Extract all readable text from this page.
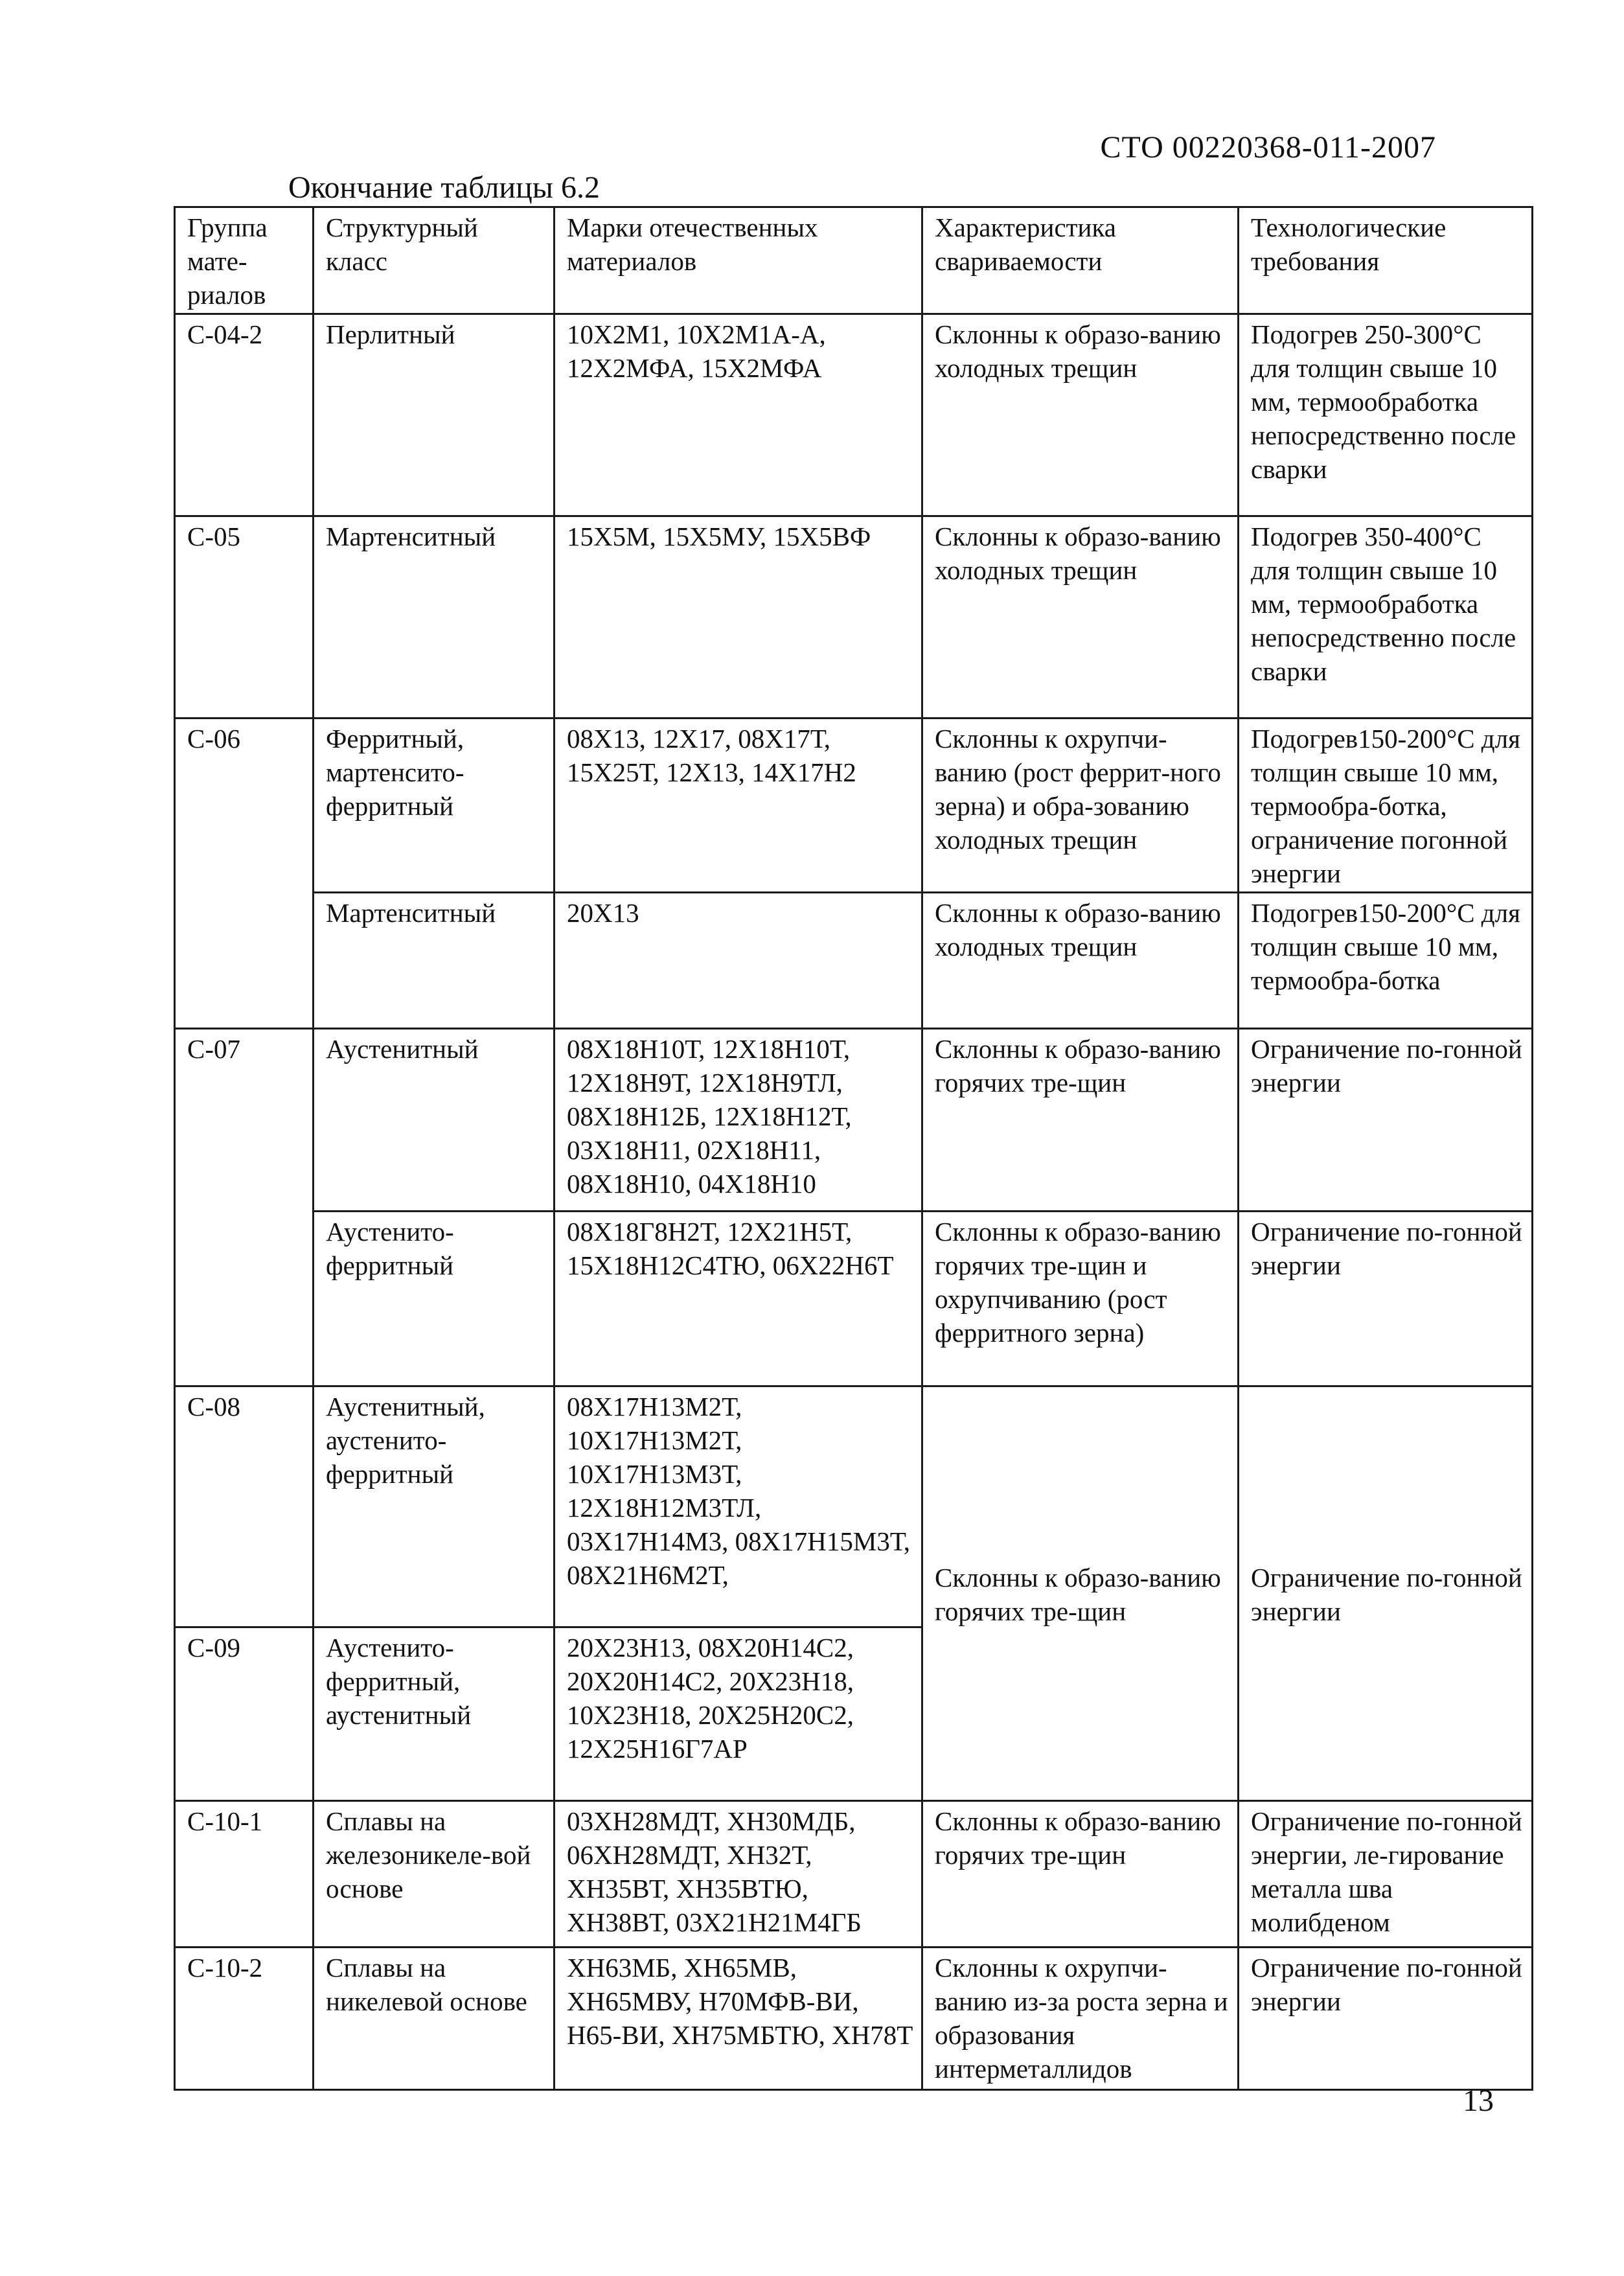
СТО 00220368-011-2007
Окончание таблицы 6.2
Группа мате-риалов	Структурный класс	Марки отечественных материалов	Характеристика свариваемости	Технологические требования
С-04-2	Перлитный	10Х2М1, 10Х2М1А-А, 12Х2МФА, 15Х2МФА	Склонны к образо-ванию холодных трещин	Подогрев 250-300°С для толщин свыше 10 мм, термообработка непосредственно после сварки
С-05	Мартенситный	15Х5М, 15Х5МУ, 15Х5ВФ	Склонны к образо-ванию холодных трещин	Подогрев 350-400°С для толщин свыше 10 мм, термообработка непосредственно после сварки
С-06	Ферритный, мартенсито-ферритный	08Х13, 12Х17, 08Х17Т, 15Х25Т, 12Х13, 14Х17Н2	Склонны к охрупчи-ванию (рост феррит-ного зерна) и обра-зованию холодных трещин	Подогрев150-200°С для толщин свыше 10 мм, термообра-ботка, ограничение погонной энергии
	Мартенситный	20Х13	Склонны к образо-ванию холодных трещин	Подогрев150-200°С для толщин свыше 10 мм, термообра-ботка
С-07	Аустенитный	08Х18Н10Т, 12Х18Н10Т, 12Х18Н9Т, 12Х18Н9ТЛ, 08Х18Н12Б, 12Х18Н12Т, 03Х18Н11, 02Х18Н11, 08Х18Н10, 04Х18Н10	Склонны к образо-ванию горячих тре-щин	Ограничение по-гонной энергии
	Аустенито-ферритный	08Х18Г8Н2Т, 12Х21Н5Т, 15Х18Н12С4ТЮ, 06Х22Н6Т	Склонны к образо-ванию горячих тре-щин и охрупчиванию (рост ферритного зерна)	Ограничение по-гонной энергии
С-08	Аустенитный, аустенито-ферритный	08Х17Н13М2Т, 10Х17Н13М2Т, 10Х17Н13М3Т, 12Х18Н12М3ТЛ, 03Х17Н14М3, 08Х17Н15М3Т, 08Х21Н6М2Т,	Склонны к образо-ванию горячих тре-щин	Ограничение по-гонной энергии
С-09	Аустенито-ферритный, аустенитный	20Х23Н13, 08Х20Н14С2, 20Х20Н14С2, 20Х23Н18, 10Х23Н18, 20Х25Н20С2, 12Х25Н16Г7АР		
С-10-1	Сплавы на железоникеле-вой основе	03ХН28МДТ, ХН30МДБ, 06ХН28МДТ, ХН32Т, ХН35ВТ, ХН35ВТЮ, ХН38ВТ, 03Х21Н21М4ГБ	Склонны к образо-ванию горячих тре-щин	Ограничение по-гонной энергии, ле-гирование металла шва молибденом
С-10-2	Сплавы на никелевой основе	ХН63МБ, ХН65МВ, ХН65МВУ, Н70МФВ-ВИ, Н65-ВИ, ХН75МБТЮ, ХН78Т	Склонны к охрупчи-ванию из-за роста зерна и образования интерметаллидов	Ограничение по-гонной энергии
13
